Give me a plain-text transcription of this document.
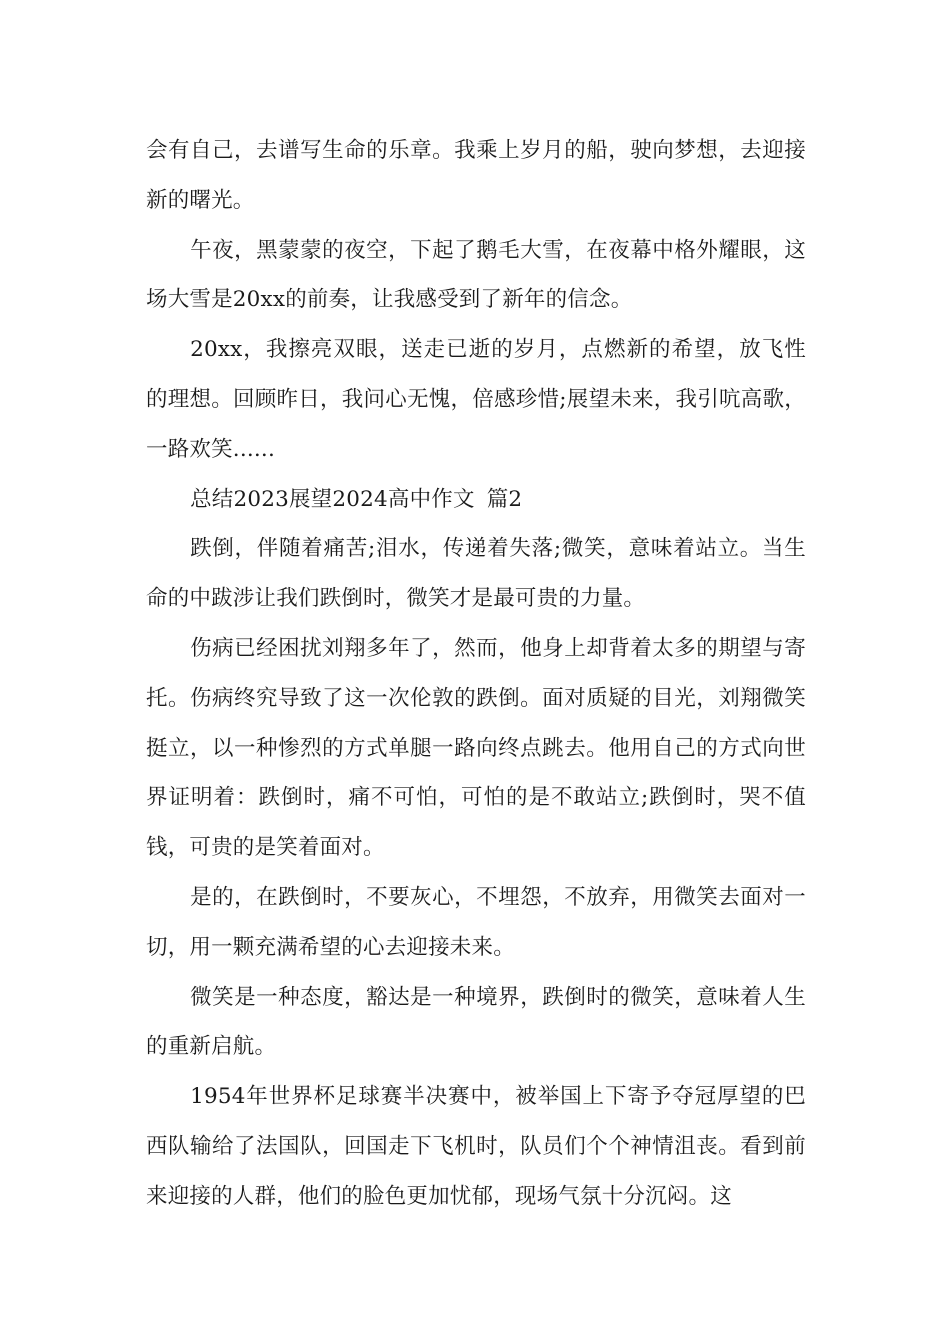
会有自己，去谱写生命的乐章。我乘上岁月的船，驶向梦想，去迎接新的曙光。

午夜，黑蒙蒙的夜空，下起了鹅毛大雪，在夜幕中格外耀眼，这场大雪是20xx的前奏，让我感受到了新年的信念。

20xx，我擦亮双眼，送走已逝的岁月，点燃新的希望，放飞性的理想。回顾昨日，我问心无愧，倍感珍惜;展望未来，我引吭高歌，一路欢笑......

总结2023展望2024高中作文 篇2

跌倒，伴随着痛苦;泪水，传递着失落;微笑，意味着站立。当生命的中跋涉让我们跌倒时，微笑才是最可贵的力量。

伤病已经困扰刘翔多年了，然而，他身上却背着太多的期望与寄托。伤病终究导致了这一次伦敦的跌倒。面对质疑的目光，刘翔微笑挺立，以一种惨烈的方式单腿一路向终点跳去。他用自己的方式向世界证明着：跌倒时，痛不可怕，可怕的是不敢站立;跌倒时，哭不值钱，可贵的是笑着面对。

是的，在跌倒时，不要灰心，不埋怨，不放弃，用微笑去面对一切，用一颗充满希望的心去迎接未来。

微笑是一种态度，豁达是一种境界，跌倒时的微笑，意味着人生的重新启航。

1954年世界杯足球赛半决赛中，被举国上下寄予夺冠厚望的巴西队输给了法国队，回国走下飞机时，队员们个个神情沮丧。看到前来迎接的人群，他们的脸色更加忧郁，现场气氛十分沉闷。这
